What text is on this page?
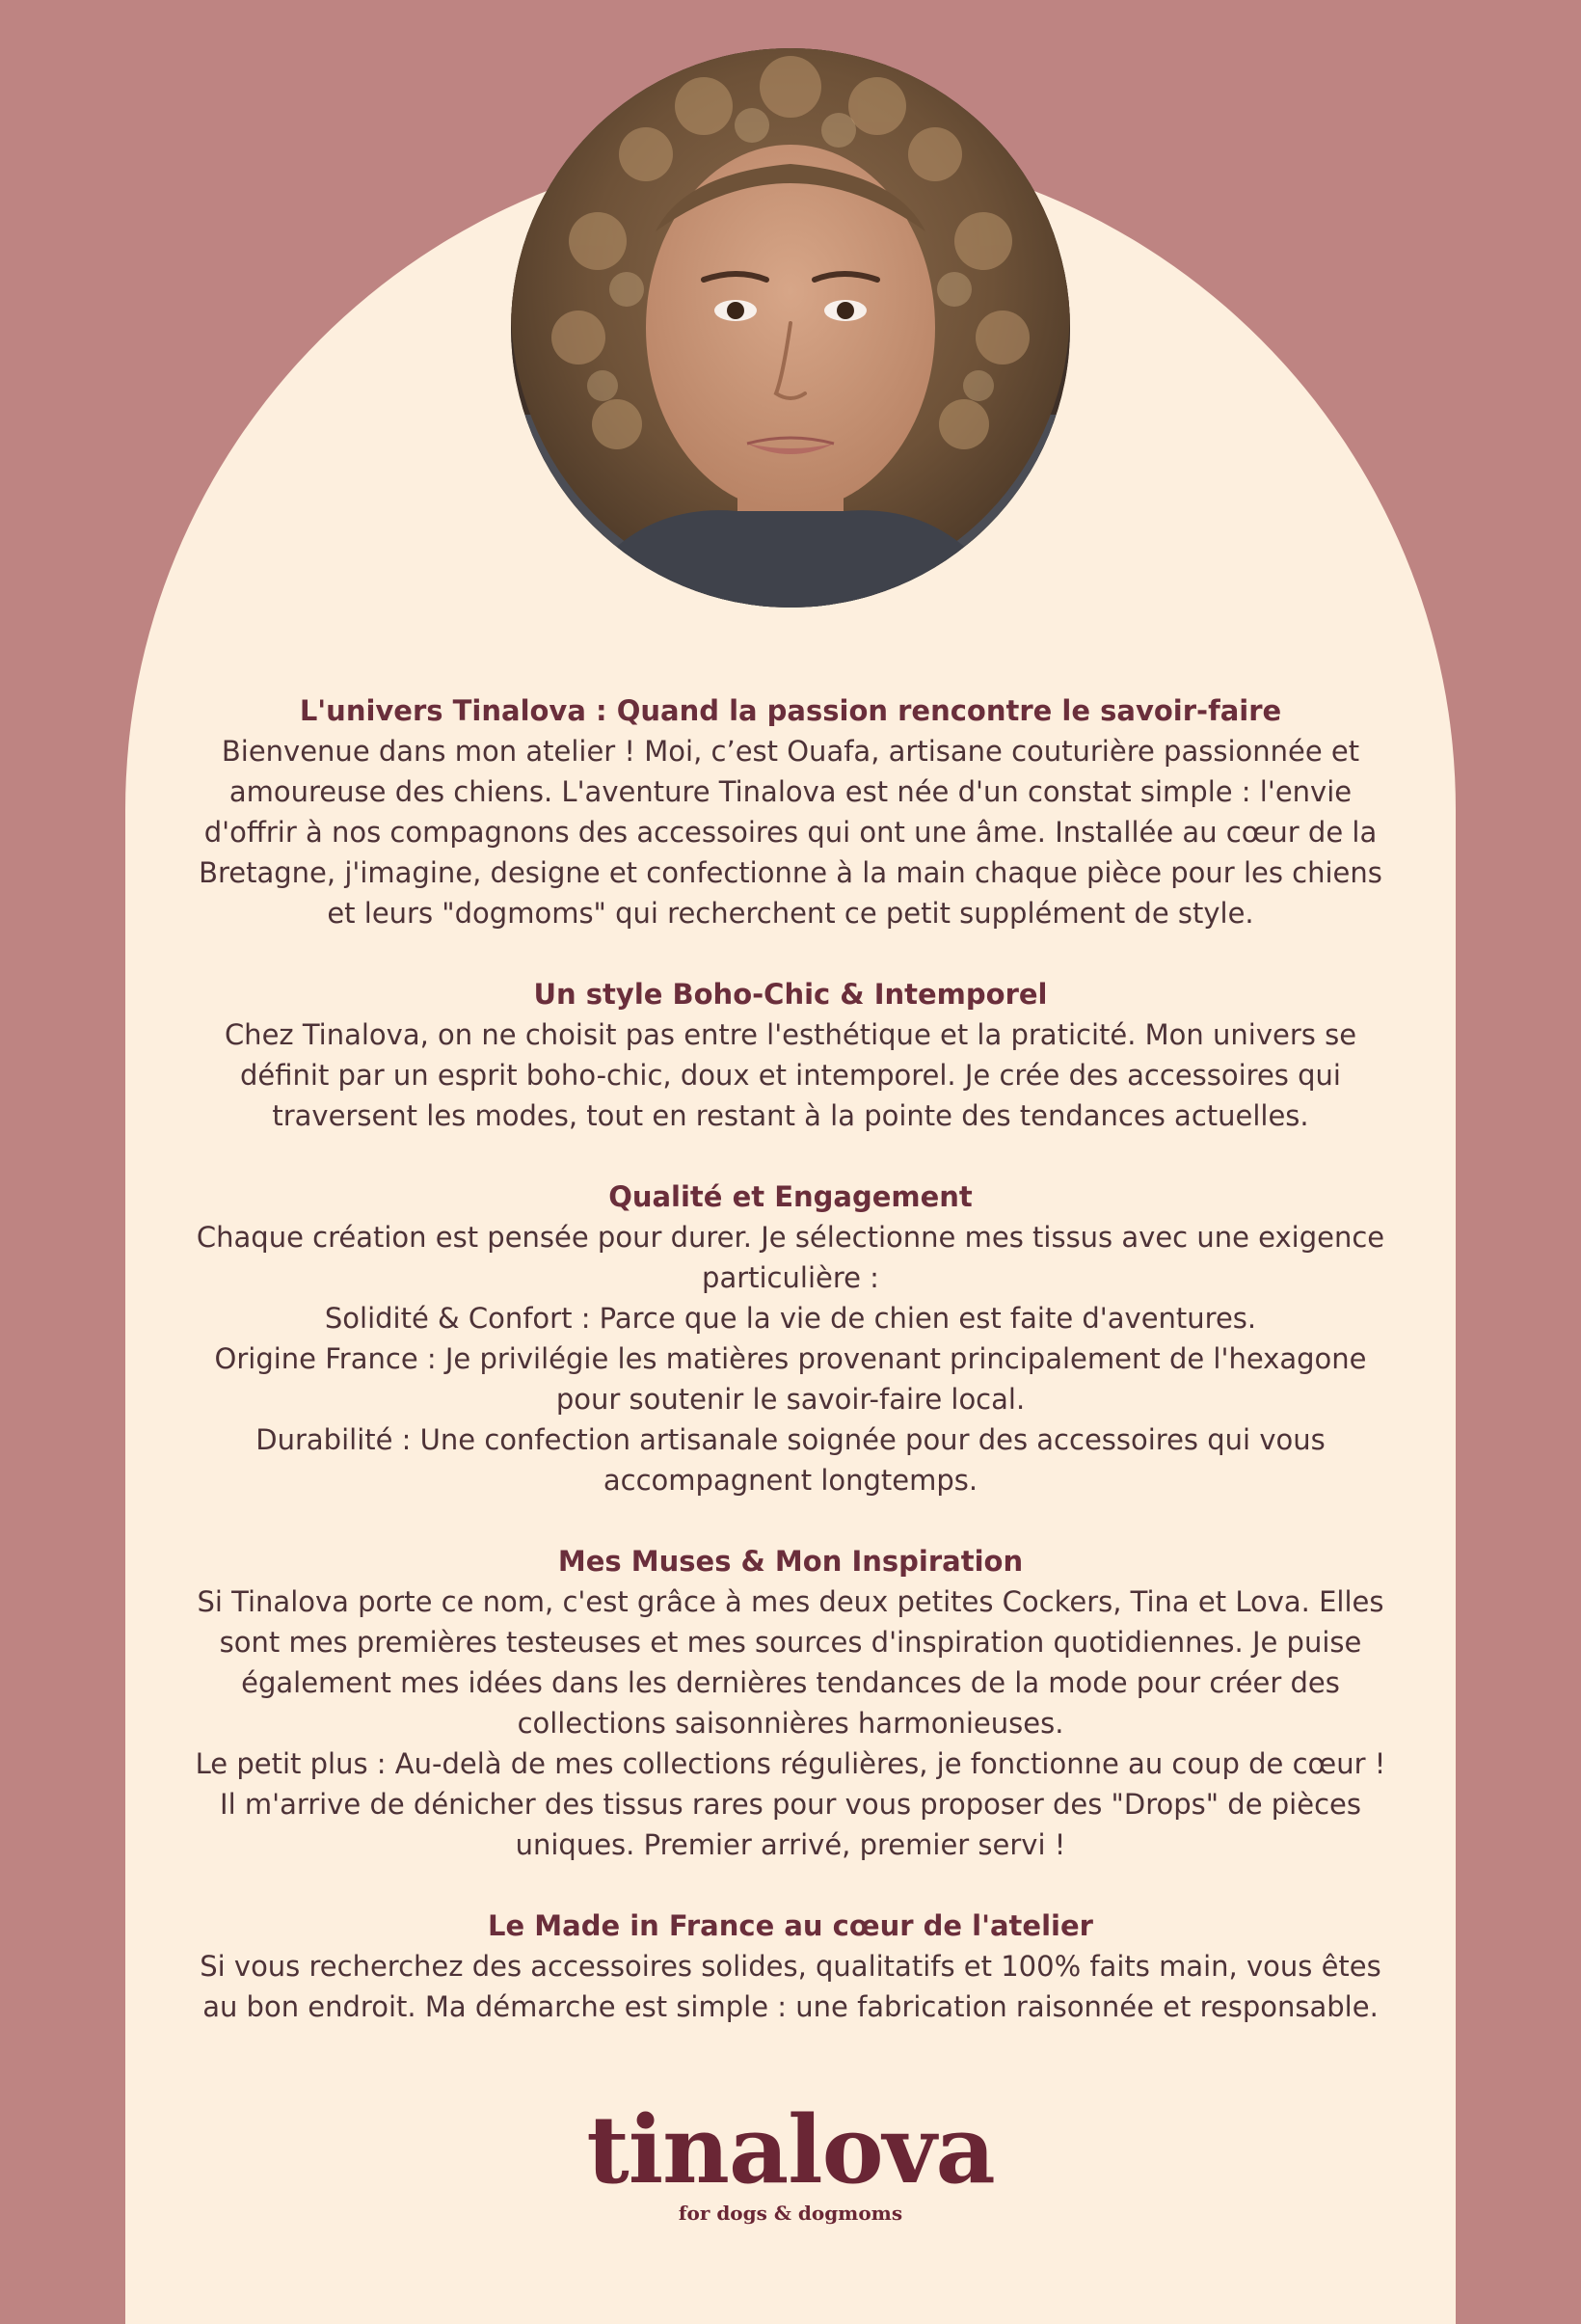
L'univers Tinalova : Quand la passion rencontre le savoir-faire

Bienvenue dans mon atelier ! Moi, c’est Ouafa, artisane couturière passionnée et amoureuse des chiens. L'aventure Tinalova est née d'un constat simple : l'envie d'offrir à nos compagnons des accessoires qui ont une âme. Installée au cœur de la Bretagne, j'imagine, designe et confectionne à la main chaque pièce pour les chiens et leurs "dogmoms" qui recherchent ce petit supplément de style.

Un style Boho-Chic & Intemporel

Chez Tinalova, on ne choisit pas entre l'esthétique et la praticité. Mon univers se définit par un esprit boho-chic, doux et intemporel. Je crée des accessoires qui traversent les modes, tout en restant à la pointe des tendances actuelles.

Qualité et Engagement

Chaque création est pensée pour durer. Je sélectionne mes tissus avec une exigence particulière :

Solidité & Confort : Parce que la vie de chien est faite d'aventures.

Origine France : Je privilégie les matières provenant principalement de l'hexagone pour soutenir le savoir-faire local.

Durabilité : Une confection artisanale soignée pour des accessoires qui vous accompagnent longtemps.

Mes Muses & Mon Inspiration

Si Tinalova porte ce nom, c'est grâce à mes deux petites Cockers, Tina et Lova. Elles sont mes premières testeuses et mes sources d'inspiration quotidiennes. Je puise également mes idées dans les dernières tendances de la mode pour créer des collections saisonnières harmonieuses.

Le petit plus : Au-delà de mes collections régulières, je fonctionne au coup de cœur ! Il m'arrive de dénicher des tissus rares pour vous proposer des "Drops" de pièces uniques. Premier arrivé, premier servi !

Le Made in France au cœur de l'atelier

Si vous recherchez des accessoires solides, qualitatifs et 100% faits main, vous êtes au bon endroit. Ma démarche est simple : une fabrication raisonnée et responsable.

tinalova
for dogs & dogmoms
